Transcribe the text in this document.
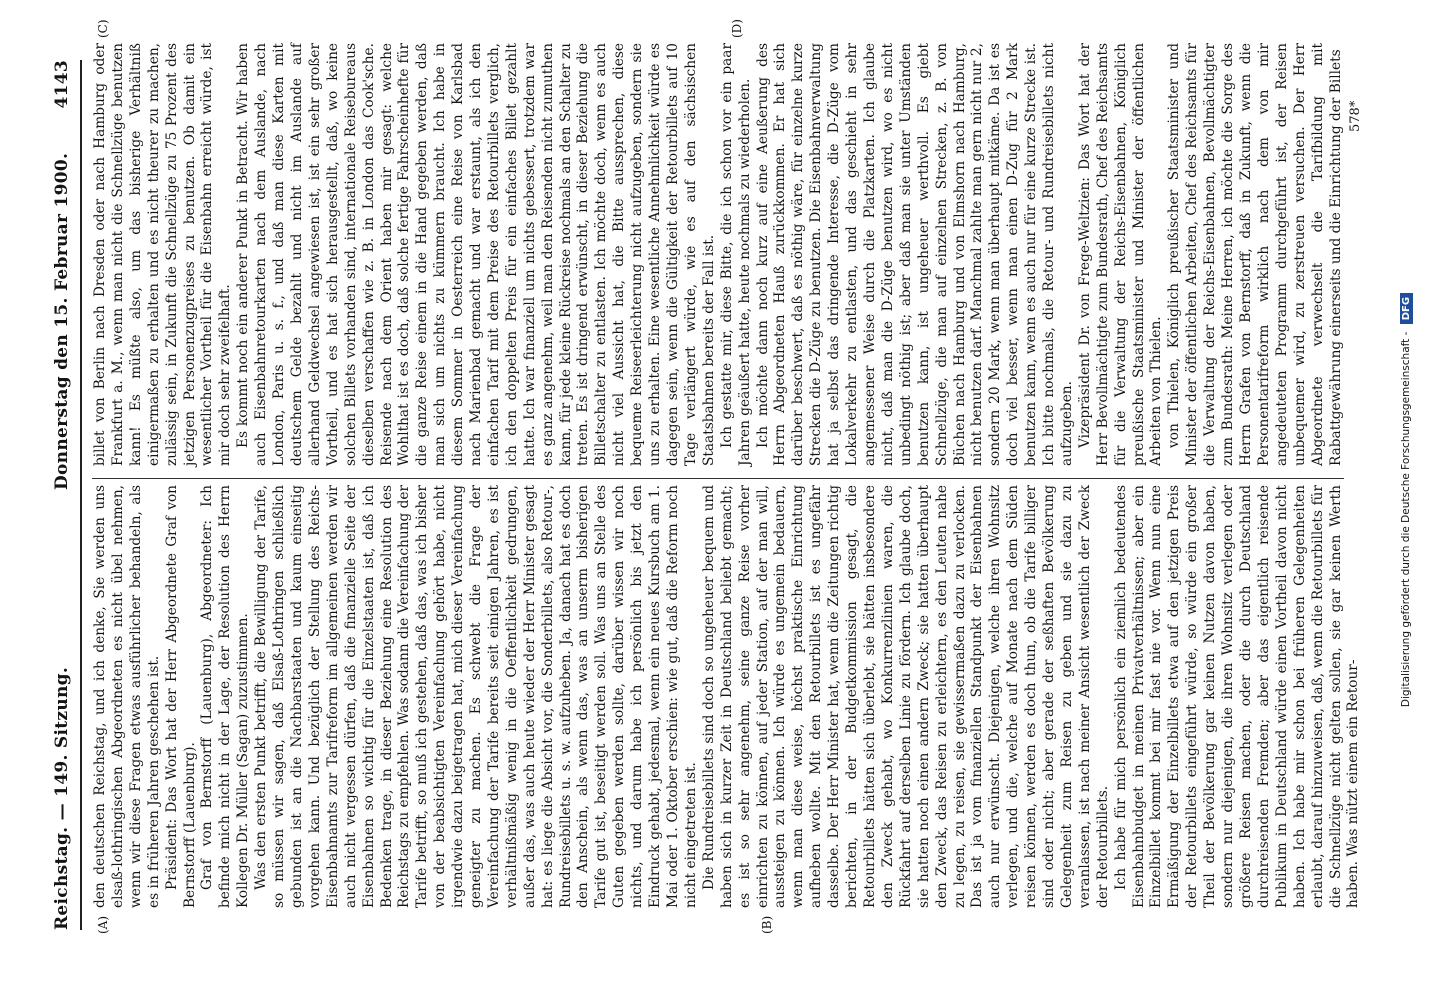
Reichstag. — 149. Sitzung.
Donnerstag den 15. Februar 1900.
4143
(A)	(B)
(C)	(D)

den deutschen Reichstag, und ich denke, Sie werden uns elsaß-lothringischen Abgeordneten es nicht übel nehmen, wenn wir diese Fragen etwas ausführlicher behandeln, als es in früheren Jahren geschehen ist. Präsident: Das Wort hat der Herr Abgeordnete Graf von Bernstorff (Lauenburg). Graf von Bernstorff (Lauenburg), Abgeordneter: Ich befinde mich nicht in der Lage, der Resolution des Herrn Kollegen Dr. Müller (Sagan) zuzustimmen. Was den ersten Punkt betrifft, die Bewilligung der Tarife, so müssen wir sagen, daß Elsaß-Lothringen schließlich gebunden ist an die Nachbarstaaten und kaum einseitig vorgehen kann. Und bezüglich der Stellung des Reichs-Eisenbahnamts zur Tarifreform im allgemeinen werden wir auch nicht vergessen dürfen, daß die finanzielle Seite der Eisenbahnen so wichtig für die Einzelstaaten ist, daß ich Bedenken trage, in dieser Beziehung eine Resolution des Reichstags zu empfehlen. Was sodann die Vereinfachung der Tarife betrifft, so muß ich gestehen, daß das, was ich bisher von der beabsichtigten Vereinfachung gehört habe, nicht irgendwie dazu beigetragen hat, mich dieser Vereinfachung geneigter zu machen. Es schwebt die Frage der Vereinfachung der Tarife bereits seit einigen Jahren, es ist verhältnißmäßig wenig in die Oeffentlichkeit gedrungen, außer das, was auch heute wieder der Herr Minister gesagt hat: es liege die Absicht vor, die Sonderbillets, also Retour-, Rundreisebillets u. s. w. aufzuheben. Ja, danach hat es doch den Anschein, als wenn das, was an unserm bisherigen Tarife gut ist, beseitigt werden soll. Was uns an Stelle des Guten gegeben werden sollte, darüber wissen wir noch nichts, und darum habe ich persönlich bis jetzt den Eindruck gehabt, jedesmal, wenn ein neues Kursbuch am 1. Mai oder 1. Oktober erschien: wie gut, daß die Reform noch nicht eingetreten ist. Die Rundreisebillets sind doch so ungeheuer bequem und haben sich in kurzer Zeit in Deutschland beliebt gemacht; es ist so sehr angenehm, seine ganze Reise vorher einrichten zu können, auf jeder Station, auf der man will, aussteigen zu können. Ich würde es ungemein bedauern, wenn man diese weise, höchst praktische Einrichtung aufheben wollte. Mit den Retourbillets ist es ungefähr dasselbe. Der Herr Minister hat, wenn die Zeitungen richtig berichten, in der Budgetkommission gesagt, die Retourbillets hätten sich überlebt, sie hätten insbesondere den Zweck gehabt, wo Konkurrenzlinien waren, die Rückfahrt auf derselben Linie zu fördern. Ich glaube doch, sie hatten noch einen andern Zweck; sie hatten überhaupt den Zweck, das Reisen zu erleichtern, es den Leuten nahe zu legen, zu reisen, sie gewissermaßen dazu zu verlocken. Das ist ja vom finanziellen Standpunkt der Eisenbahnen auch nur erwünscht. Diejenigen, welche ihren Wohnsitz verlegen, und die, welche auf Monate nach dem Süden reisen können, werden es doch thun, ob die Tarife billiger sind oder nicht; aber gerade der seßhaften Bevölkerung Gelegenheit zum Reisen zu geben und sie dazu zu veranlassen, ist nach meiner Ansicht wesentlich der Zweck der Retourbillets. Ich habe für mich persönlich ein ziemlich bedeutendes Eisenbahnbudget in meinen Privatverhältnissen; aber ein Einzelbillet kommt bei mir fast nie vor. Wenn nun eine Ermäßigung der Einzelbillets etwa auf den jetzigen Preis der Retourbillets eingeführt würde, so würde ein großer Theil der Bevölkerung gar keinen Nutzen davon haben, sondern nur diejenigen, die ihren Wohnsitz verlegen oder größere Reisen machen, oder die durch Deutschland durchreisenden Fremden; aber das eigentlich reisende Publikum in Deutschland würde einen Vortheil davon nicht haben. Ich habe mir schon bei früheren Gelegenheiten erlaubt, darauf hinzuweisen, daß, wenn die Retourbillets für die Schnellzüge nicht gelten sollen, sie gar keinen Werth haben. Was nützt einem ein Retour-

billet von Berlin nach Dresden oder nach Hamburg oder Frankfurt a. M., wenn man nicht die Schnellzüge benutzen kann! Es müßte also, um das bisherige Verhältniß einigermaßen zu erhalten und es nicht theurer zu machen, zulässig sein, in Zukunft die Schnellzüge zu 75 Prozent des jetzigen Personenzugpreises zu benutzen. Ob damit ein wesentlicher Vortheil für die Eisenbahn erreicht würde, ist mir doch sehr zweifelhaft. Es kommt noch ein anderer Punkt in Betracht. Wir haben auch Eisenbahnretourkarten nach dem Auslande, nach London, Paris u. s. f., und daß man diese Karten mit deutschem Gelde bezahlt und nicht im Auslande auf allerhand Geldwechsel angewiesen ist, ist ein sehr großer Vortheil, und es hat sich herausgestellt, daß, wo keine solchen Billets vorhanden sind, internationale Reisebureaus dieselben verschaffen wie z. B. in London das Cook'sche. Reisende nach dem Orient haben mir gesagt: welche Wohlthat ist es doch, daß solche fertige Fahrscheinhefte für die ganze Reise einem in die Hand gegeben werden, daß man sich um nichts zu kümmern braucht. Ich habe in diesem Sommer in Oesterreich eine Reise von Karlsbad nach Marienbad gemacht und war erstaunt, als ich den einfachen Tarif mit dem Preise des Retourbillets verglich, ich den doppelten Preis für ein einfaches Billet gezahlt hatte. Ich war finanziell um nichts gebessert, trotzdem war es ganz angenehm, weil man den Reisenden nicht zumuthen kann, für jede kleine Rückreise nochmals an den Schalter zu treten. Es ist dringend erwünscht, in dieser Beziehung die Billetschalter zu entlasten. Ich möchte doch, wenn es auch nicht viel Aussicht hat, die Bitte aussprechen, diese bequeme Reiseerleichterung nicht aufzugeben, sondern sie uns zu erhalten. Eine wesentliche Annehmlichkeit würde es dagegen sein, wenn die Gültigkeit der Retourbillets auf 10 Tage verlängert würde, wie es auf den sächsischen Staatsbahnen bereits der Fall ist. Ich gestatte mir, diese Bitte, die ich schon vor ein paar Jahren geäußert hatte, heute nochmals zu wiederholen. Ich möchte dann noch kurz auf eine Aeußerung des Herrn Abgeordneten Hauß zurückkommen. Er hat sich darüber beschwert, daß es nöthig wäre, für einzelne kurze Strecken die D-Züge zu benutzen. Die Eisenbahnverwaltung hat ja selbst das dringende Interesse, die D-Züge vom Lokalverkehr zu entlasten, und das geschieht in sehr angemessener Weise durch die Platzkarten. Ich glaube nicht, daß man die D-Züge benutzen wird, wo es nicht unbedingt nöthig ist; aber daß man sie unter Umständen benutzen kann, ist ungeheuer werthvoll. Es giebt Schnellzüge, die man auf einzelnen Strecken, z. B. von Büchen nach Hamburg und von Elmshorn nach Hamburg, nicht benutzen darf. Manchmal zahlte man gern nicht nur 2, sondern 20 Mark, wenn man überhaupt mitkäme. Da ist es doch viel besser, wenn man einen D-Zug für 2 Mark benutzen kann, wenn es auch nur für eine kurze Strecke ist. Ich bitte nochmals, die Retour- und Rundreisebillets nicht aufzugeben. Vizepräsident Dr. von Frege-Weltzien: Das Wort hat der Herr Bevollmächtigte zum Bundesrath, Chef des Reichsamts für die Verwaltung der Reichs-Eisenbahnen, Königlich preußische Staatsminister und Minister der öffentlichen Arbeiten von Thielen. von Thielen, Königlich preußischer Staatsminister und Minister der öffentlichen Arbeiten, Chef des Reichsamts für die Verwaltung der Reichs-Eisenbahnen, Bevollmächtigter zum Bundesrath: Meine Herren, ich möchte die Sorge des Herrn Grafen von Bernstorff, daß in Zukunft, wenn die Personentarifreform wirklich nach dem von mir angedeuteten Programm durchgeführt ist, der Reisen unbequemer wird, zu zerstreuen versuchen. Der Herr Abgeordnete verwechselt die Tarifbildung mit Rabattgewährung einerseits und die Einrichtung der Billets 578*
Digitalisierung gefördert durch die Deutsche Forschungsgemeinschaft - DFG
